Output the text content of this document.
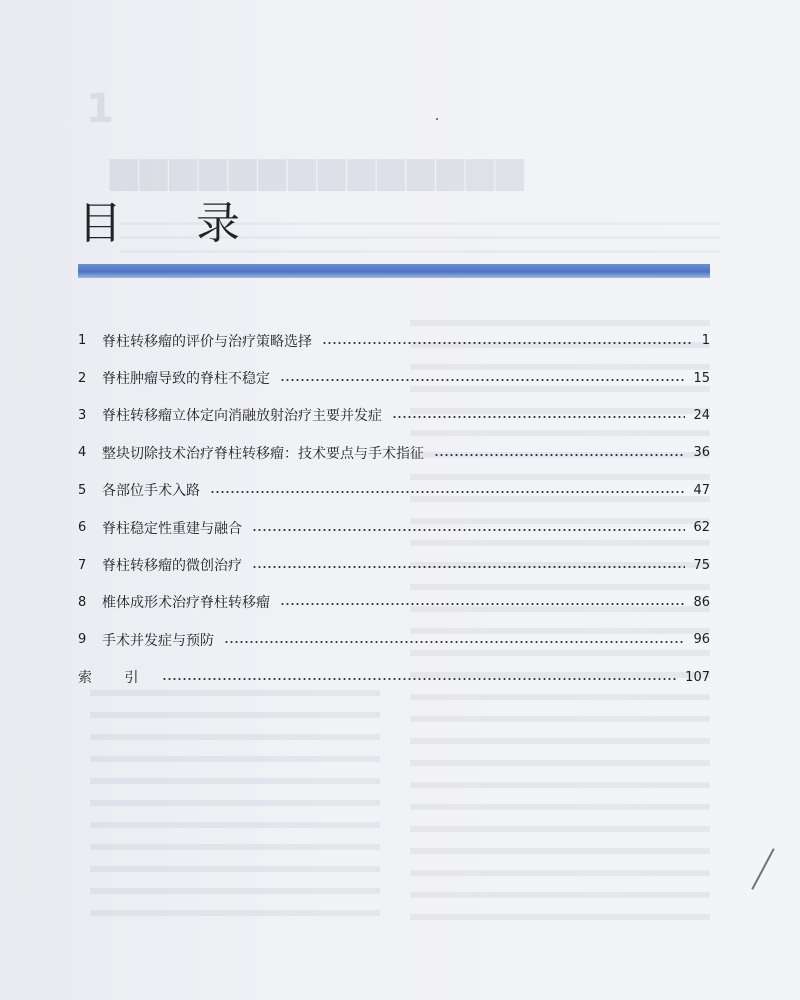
1
▆▆▆▆▆▆▆▆▆▆▆▆▆▆
目 录
1	脊柱转移瘤的评价与治疗策略选择	1
2	脊柱肿瘤导致的脊柱不稳定	15
3	脊柱转移瘤立体定向消融放射治疗主要并发症	24
4	整块切除技术治疗脊柱转移瘤：技术要点与手术指征	36
5	各部位手术入路	47
6	脊柱稳定性重建与融合	62
7	脊柱转移瘤的微创治疗	75
8	椎体成形术治疗脊柱转移瘤	86
9	手术并发症与预防	96
索 引	107
